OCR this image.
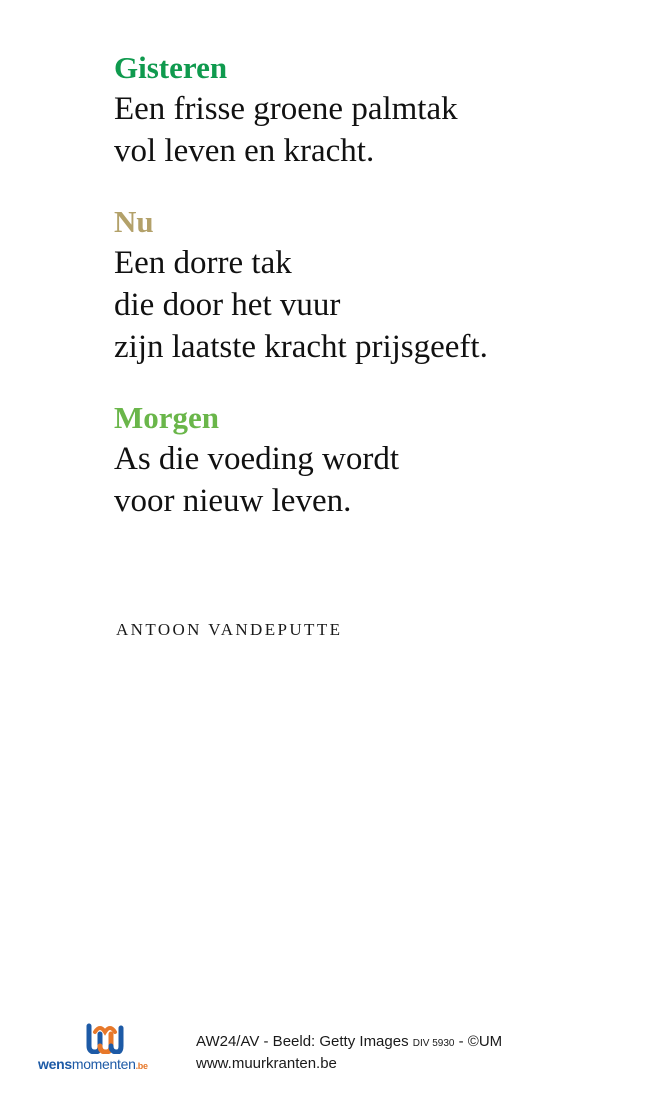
Gisteren

Een frisse groene palmtak

vol leven en kracht.

Nu

Een dorre tak

die door het vuur

zijn laatste kracht prijsgeeft.

Morgen

As die voeding wordt

voor nieuw leven.

ANTOON VANDEPUTTE
wensmomenten.be
AW24/AV - Beeld: Getty Images DIV 5930 - ©UM
www.muurkranten.be
